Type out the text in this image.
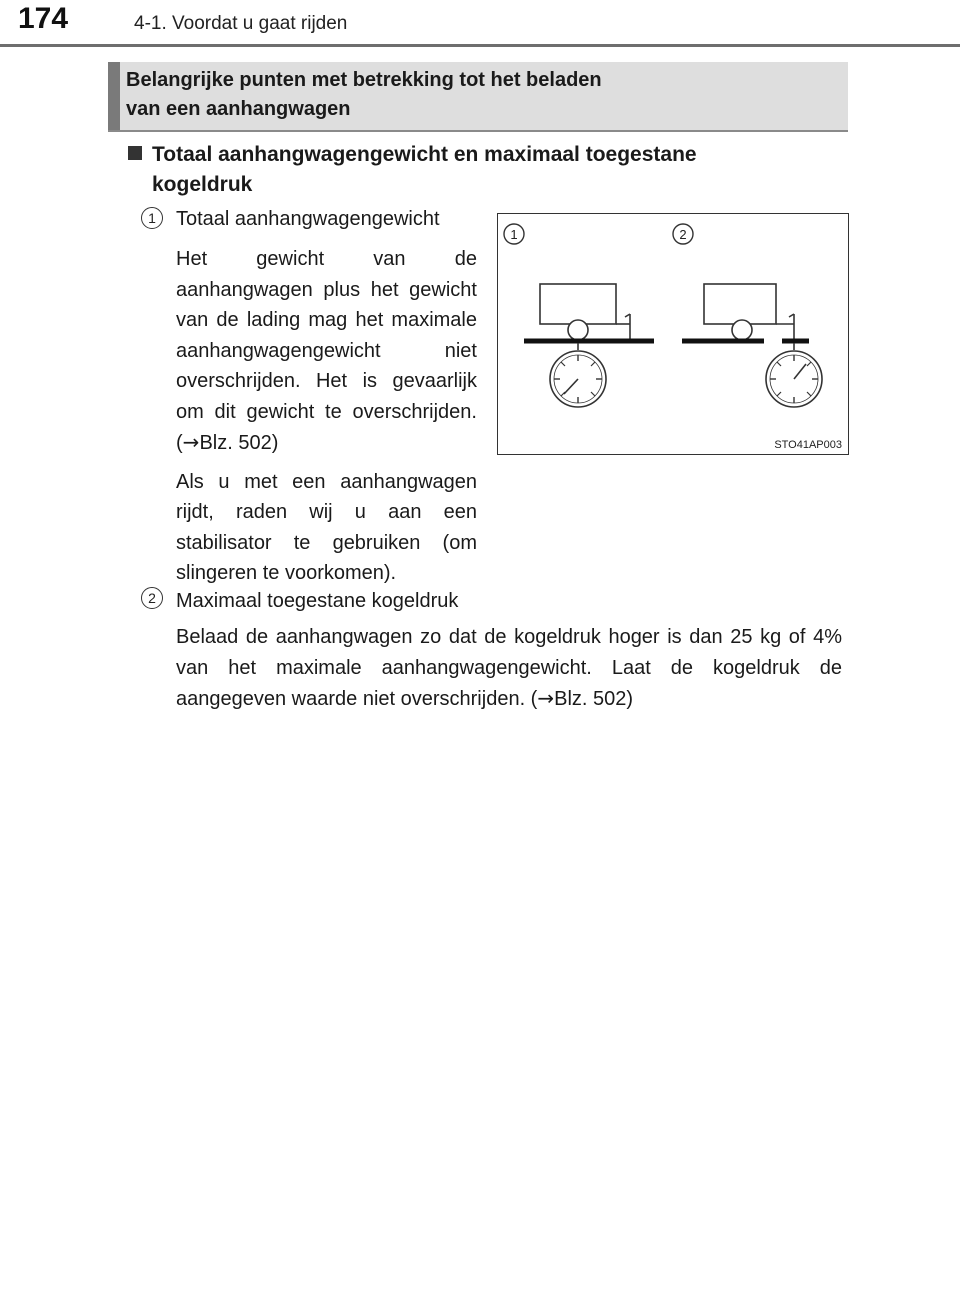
174	4-1. Voordat u gaat rijden
Belangrijke punten met betrekking tot het beladen
van een aanhangwagen
Totaal aanhangwagengewicht en maximaal toegestane
kogeldruk
1	Totaal aanhangwagengewicht

Het gewicht van de aanhangwagen plus het gewicht van de lading mag het maximale aanhangwagengewicht niet overschrijden. Het is gevaarlijk om dit gewicht te overschrijden. (→Blz. 502)

Als u met een aanhangwagen rijdt, raden wij u aan een stabilisator te gebruiken (om slingeren te voorkomen).

1	2
STO41AP003
2	Maximaal toegestane kogeldruk

Belaad de aanhangwagen zo dat de kogeldruk hoger is dan 25 kg of 4% van het maximale aanhangwagengewicht. Laat de kogeldruk de aangegeven waarde niet overschrijden. (→Blz. 502)
